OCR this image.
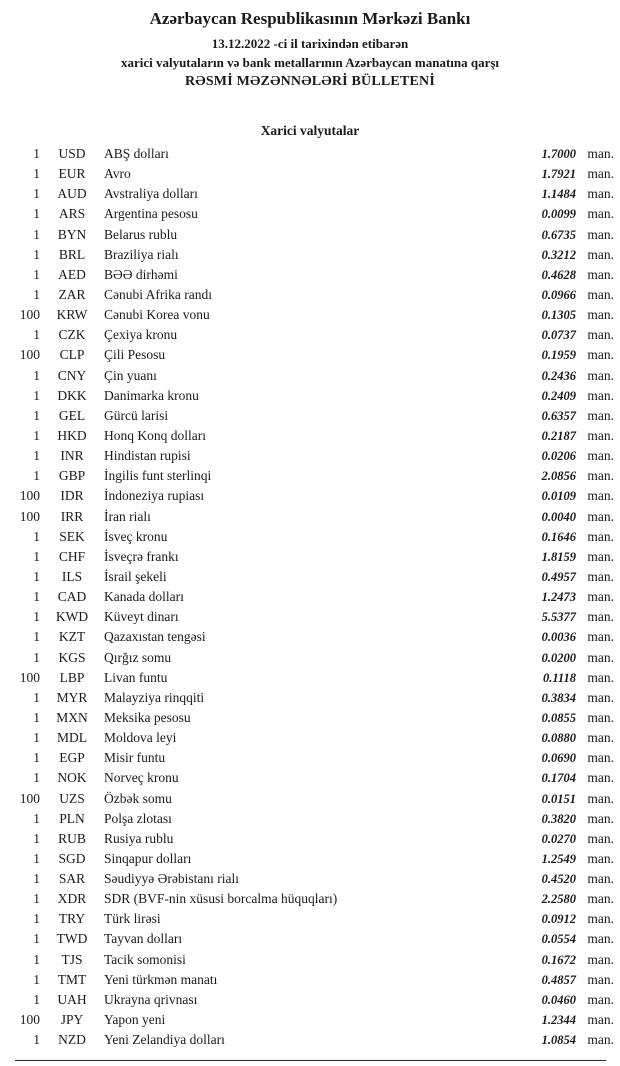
Azərbaycan Respublikasının Mərkəzi Bankı
13.12.2022 -ci il tarixindən etibarən
xarici valyutaların və bank metallarının Azərbaycan manatına qarşı
RƏSMİ MƏZƏNNƏLƏRİ BÜLLETENİ
Xarici valyutalar
1	USD	ABŞ dolları	1.7000 man.
1	EUR	Avro	1.7921 man.
1	AUD	Avstraliya dolları	1.1484 man.
1	ARS	Argentina pesosu	0.0099 man.
1	BYN	Belarus rublu	0.6735 man.
1	BRL	Braziliya rialı	0.3212 man.
1	AED	BƏƏ dirhəmi	0.4628 man.
1	ZAR	Cənubi Afrika randı	0.0966 man.
100	KRW	Cənubi Korea vonu	0.1305 man.
1	CZK	Çexiya kronu	0.0737 man.
100	CLP	Çili Pesosu	0.1959 man.
1	CNY	Çin yuanı	0.2436 man.
1	DKK	Danimarka kronu	0.2409 man.
1	GEL	Gürcü larisi	0.6357 man.
1	HKD	Honq Konq dolları	0.2187 man.
1	INR	Hindistan rupisi	0.0206 man.
1	GBP	İngilis funt sterlinqi	2.0856 man.
100	IDR	İndoneziya rupiası	0.0109 man.
100	IRR	İran rialı	0.0040 man.
1	SEK	İsveç kronu	0.1646 man.
1	CHF	İsveçrə frankı	1.8159 man.
1	ILS	İsrail şekeli	0.4957 man.
1	CAD	Kanada dolları	1.2473 man.
1	KWD	Küveyt dinarı	5.5377 man.
1	KZT	Qazaxıstan tengəsi	0.0036 man.
1	KGS	Qırğız somu	0.0200 man.
100	LBP	Livan funtu	0.1118 man.
1	MYR	Malayziya rinqqiti	0.3834 man.
1	MXN	Meksika pesosu	0.0855 man.
1	MDL	Moldova leyi	0.0880 man.
1	EGP	Misir funtu	0.0690 man.
1	NOK	Norveç kronu	0.1704 man.
100	UZS	Özbək somu	0.0151 man.
1	PLN	Polşa zlotası	0.3820 man.
1	RUB	Rusiya rublu	0.0270 man.
1	SGD	Sinqapur dolları	1.2549 man.
1	SAR	Səudiyyə Ərəbistanı rialı	0.4520 man.
1	XDR	SDR (BVF-nin xüsusi borcalma hüquqları)	2.2580 man.
1	TRY	Türk lirəsi	0.0912 man.
1	TWD	Tayvan dolları	0.0554 man.
1	TJS	Tacik somonisi	0.1672 man.
1	TMT	Yeni türkmən manatı	0.4857 man.
1	UAH	Ukrayna qrivnası	0.0460 man.
100	JPY	Yapon yeni	1.2344 man.
1	NZD	Yeni Zelandiya dolları	1.0854 man.
